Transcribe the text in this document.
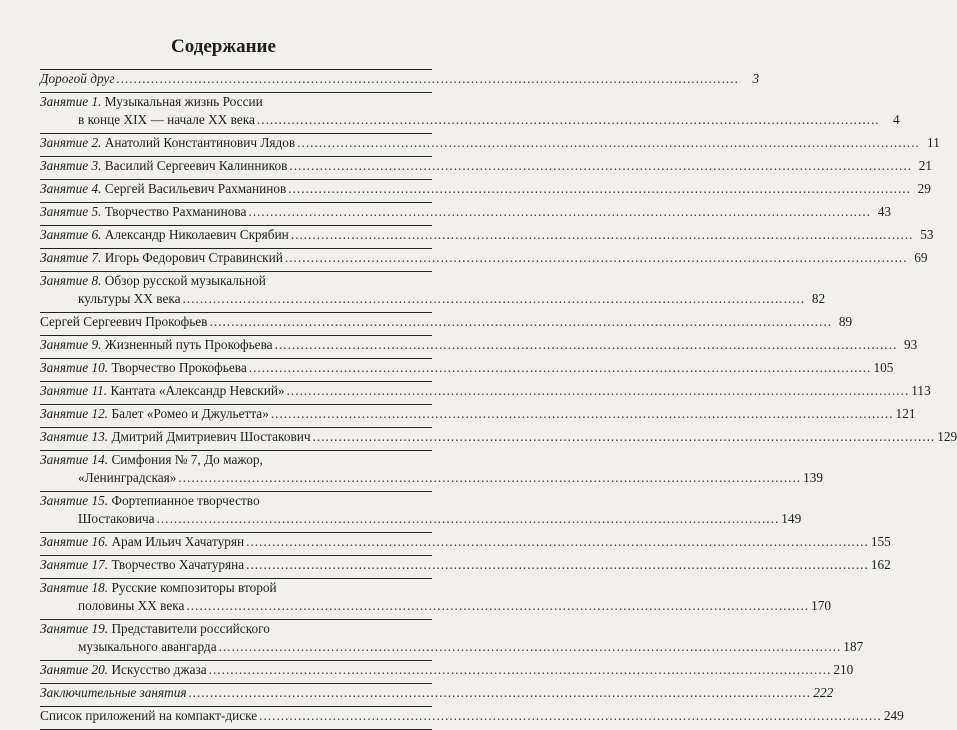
Содержание
Дорогой друг .....	3
Занятие 1. Музыкальная жизнь России
в конце XIX — начале XX века .....	4
Занятие 2. Анатолий Константинович Лядов .....	11
Занятие 3. Василий Сергеевич Калинников .....	21
Занятие 4. Сергей Васильевич Рахманинов .....	29
Занятие 5. Творчество Рахманинова .....	43
Занятие 6. Александр Николаевич Скрябин .....	53
Занятие 7. Игорь Федорович Стравинский .....	69
Занятие 8. Обзор русской музыкальной
культуры XX века .....	82
Сергей Сергеевич Прокофьев .....	89
Занятие 9. Жизненный путь Прокофьева .....	93
Занятие 10. Творчество Прокофьева .....	105
Занятие 11. Кантата «Александр Невский» .....	113
Занятие 12. Балет «Ромео и Джульетта» .....	121
Занятие 13. Дмитрий Дмитриевич Шостакович .....	129
Занятие 14. Симфония № 7, До мажор,
«Ленинградская» .....	139
Занятие 15. Фортепианное творчество
Шостаковича .....	149
Занятие 16. Арам Ильич Хачатурян .....	155
Занятие 17. Творчество Хачатуряна .....	162
Занятие 18. Русские композиторы второй
половины XX века .....	170
Занятие 19. Представители российского
музыкального авангарда .....	187
Занятие 20. Искусство джаза .....	210
Заключительные занятия .....	222
Список приложений на компакт-диске .....	249
